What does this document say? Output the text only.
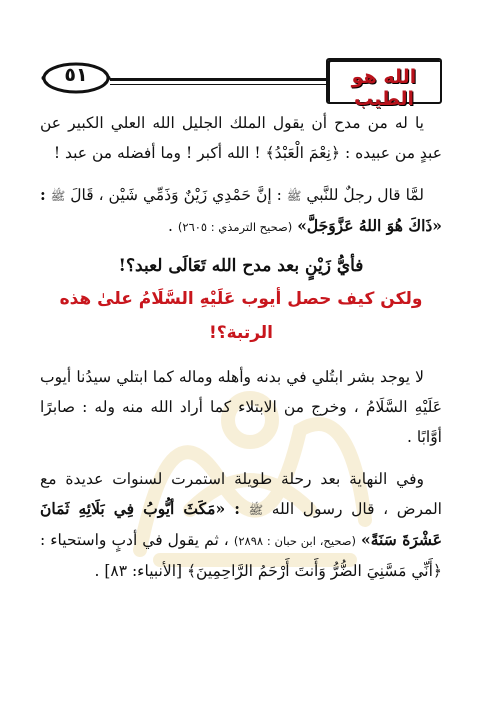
٥١	الله هو الطيب

يا له من مدح أن يقول الملك الجليل الله العلي الكبير عن عبدٍ من عبيده : ﴿نِعْمَ الْعَبْدُ﴾ ! الله أكبر ! وما أفضله من عبد !

لمَّا قال رجلٌ للنَّبي ﷺ : إنَّ حَمْدِي زَيْنٌ وَذَمِّي شَيْن ، قَالَ ﷺ : «ذَاكَ هُوَ اللهُ عَزَّوَجَلَّ» (صحيح الترمذي : ٢٦٠٥) .

فأيُّ زَيْنٍ بعد مدح الله تَعَالَى لعبد؟!

ولكن كيف حصل أيوب عَلَيْهِ السَّلَامُ علىٰ هذه الرتبة؟!

لا يوجد بشر ابتُلي في بدنه وأهله وماله كما ابتلي سيدُنا أيوب عَلَيْهِ السَّلَامُ ، وخرج من الابتلاء كما أراد الله منه وله : صابرًا أوَّابًا .

وفي النهاية بعد رحلة طويلة استمرت لسنوات عديدة مع المرض ، قال رسول الله ﷺ : «مَكَثَ أيُّوبُ فِي بَلَائِهِ ثَمَانَ عَشْرَةَ سَنَةً» (صحيح، ابن حبان : ٢٨٩٨) ، ثم يقول في أدبٍ واستحياء : ﴿أَنِّي مَسَّنِيَ الضُّرُّ وَأَنتَ أَرْحَمُ الرَّاحِمِينَ﴾ [الأنبياء: ٨٣] .
